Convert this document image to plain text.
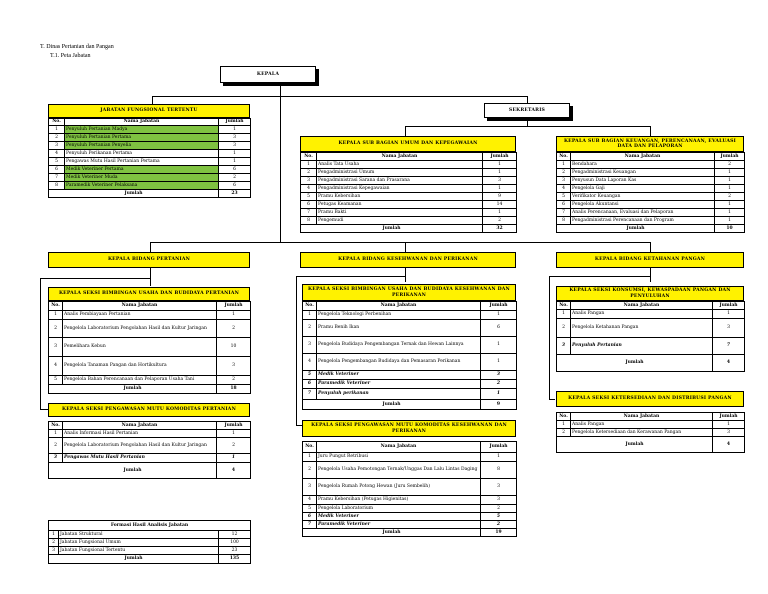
T. Dinas Pertanian dan Pangan
T.1. Peta Jabatan
KEPALA
JABATAN FUNGSIONAL TERTENTU
No.	Nama Jabatan	Jumlah
1	Penyuluh Pertanian Madya	1
2	Penyuluh Pertanian Pertama	3
3	Penyuluh Pertanian Penyelia	3
4	Penyuluh Perikanan Pertama	1
5	Pengawas Mutu Hasil Pertanian Pertama	1
6	Medik Veteriner Pertama	6
7	Medik Veteriner Muda	2
8	Paramedik Veteriner Pelaksana	6
Jumlah		23
SEKRETARIS
KEPALA SUB BAGIAN UMUM DAN KEPEGAWAIAN
No.	Nama Jabatan	Jumlah
1	Analis Tata Usaha	1
2	Pengadministrasi Umum	1
3	Pengadministrasi Sarana dan Prasarana	3
4	Pengadministrasi Kepegawaian	1
5	Pramu Kebersihan	9
6	Petugas Keamanan	14
7	Pramu Bakti	1
8	Pengemudi	2
Jumlah		32
KEPALA SUB BAGIAN KEUANGAN, PERENCANAAN, EVALUASI DATA DAN PELAPORAN
No.	Nama Jabatan	Jumlah
1	Bendahara	2
2	Pengadministrasi Keuangan	1
3	Penyusun Data Laporan Kas	1
4	Pengelola Gaji	1
5	Verifikator Keuangan	2
6	Pengelola Akuntansi	1
7	Analis Perencanaan, Evaluasi dan Pelaporan	1
8	Pengadministrasi Perencanaan dan Program	1
Jumlah		10
KEPALA BIDANG PERTANIAN	KEPALA BIDANG KESEHWANAN DAN PERIKANAN	KEPALA BIDANG KETAHANAN PANGAN
KEPALA SEKSI BIMBINGAN USAHA DAN BUDIDAYA PERTANIAN
No.	Nama Jabatan	Jumlah
1	Analis Pembiayaan Pertanian	1
2	Pengelola Laboratorium Pengolahan Hasil dan Kultur Jaringan	2
3	Pemelihara Kebun	10
4	Pengelola Tanaman Pangan dan Hortikultura	3
5	Pengelola Bahan Perencanaan dan Pelaporan Usaha Tani	2
Jumlah		18
KEPALA SEKSI PENGAWASAN MUTU KOMODITAS PERTANIAN
No.	Nama Jabatan	Jumlah
1	Analis Informasi Hasil Pertanian	1
2	Pengelola Laboratorium Pengolahan Hasil dan Kultur Jaringan	2
3	Pengawas Mutu Hasil Pertanian	1
Jumlah		4
KEPALA SEKSI BIMBINGAN USAHA DAN BUDIDAYA KESEHWANAN DAN PERIKANAN
No.	Nama Jabatan	Jumlah
1	Pengelola Teknologi Perbenihan	1
2	Pramu Benih Ikan	6
3	Pengelola Budidaya Pengembangan Ternak dan Hewan Lainnya	1
4	Pengelola Pengembangan Budidaya dan Pemasaran Perikanan	1
5	Medik Veteriner	3
6	Paramedik Veteriner	2
7	Penyuluh perikanan	1
Jumlah		9
KEPALA SEKSI PENGAWASAN MUTU KOMODITAS KESEHWANAN DAN PERIKANAN
No.	Nama Jabatan	Jumlah
1	Juru Pungut Retribusi	1
2	Pengelola Usaha Pemotongan Ternak/Unggas Dan Lalu Lintas Daging	8
3	Pengelola Rumah Potong Hewan (Juru Sembelih)	3
4	Pramu Kebersihan (Petugas Higienitas)	3
5	Pengelola Laboratorium	2
6	Medik Veteriner	5
7	Paramedik Veteriner	2
Jumlah		19
KEPALA SEKSI KONSUMSI, KEWASPADAAN PANGAN DAN PENYULUHAN
No.	Nama Jabatan	Jumlah
1	Analis Pangan	1
2	Pengelola Ketahanan Pangan	3
3	Penyuluh Pertanian	7
Jumlah		4
KEPALA SEKSI KETERSEDIAAN DAN DISTRIBUSI PANGAN
No.	Nama Jabatan	Jumlah
1	Analis Pangan	1
2	Pengelola Ketersediaan dan Kerawanan Pangan	3
Jumlah		4
Formasi Hasil Analisis Jabatan		
1	Jabatan Struktural	12
2	Jabatan Fungsional Umum	100
3	Jabatan Fungsional Tertentu	23
Jumlah		135
